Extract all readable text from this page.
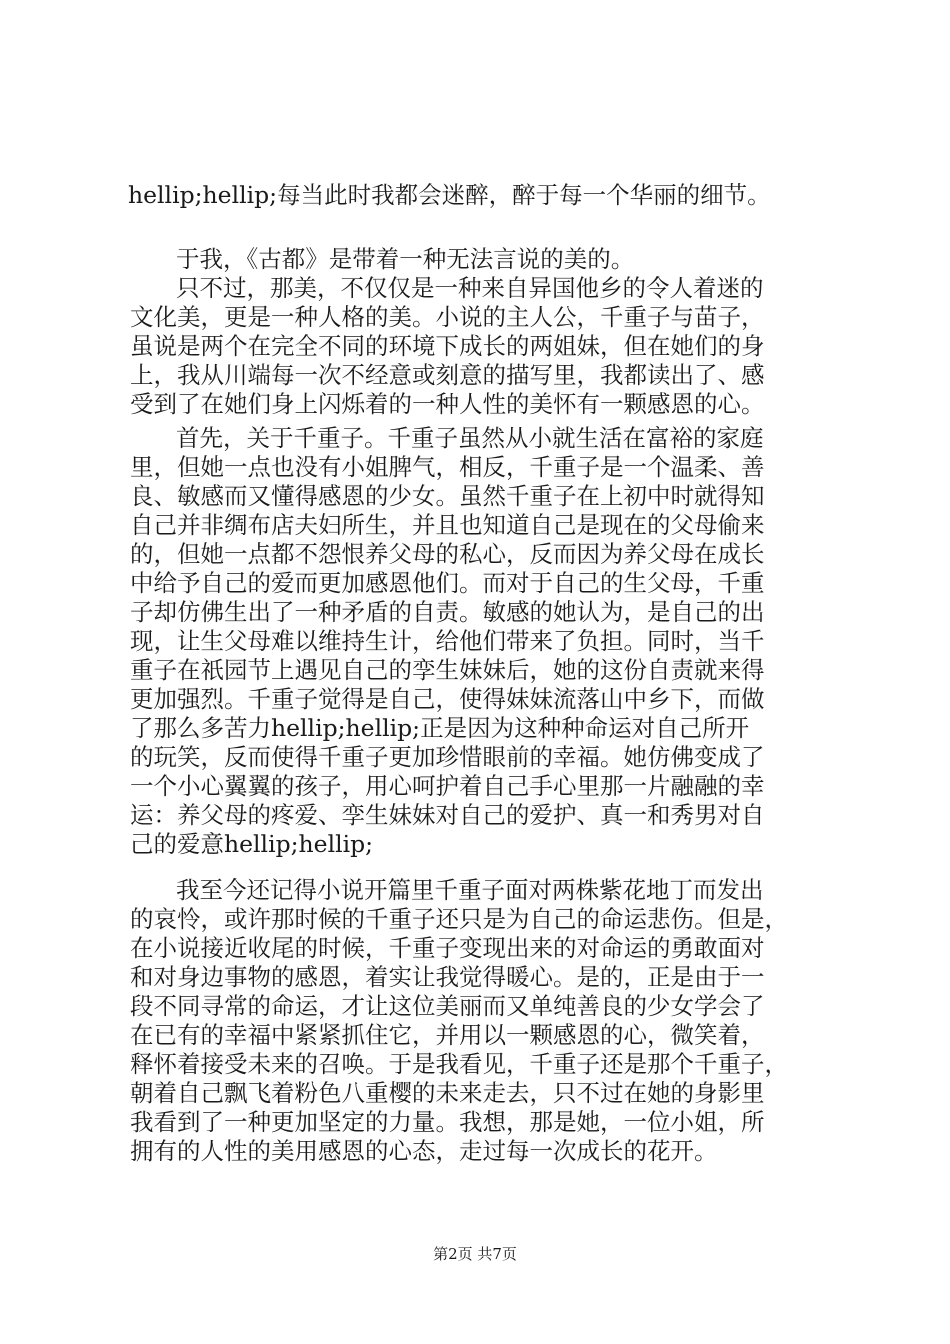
hellip;hellip;每当此时我都会迷醉，醉于每一个华丽的细节。

于我，《古都》是带着一种无法言说的美的。

只不过，那美，不仅仅是一种来自异国他乡的令人着迷的

文化美，更是一种人格的美。小说的主人公，千重子与苗子，

虽说是两个在完全不同的环境下成长的两姐妹，但在她们的身

上，我从川端每一次不经意或刻意的描写里，我都读出了、感

受到了在她们身上闪烁着的一种人性的美怀有一颗感恩的心。

首先，关于千重子。千重子虽然从小就生活在富裕的家庭

里，但她一点也没有小姐脾气，相反，千重子是一个温柔、善

良、敏感而又懂得感恩的少女。虽然千重子在上初中时就得知

自己并非绸布店夫妇所生，并且也知道自己是现在的父母偷来

的，但她一点都不怨恨养父母的私心，反而因为养父母在成长

中给予自己的爱而更加感恩他们。而对于自己的生父母，千重

子却仿佛生出了一种矛盾的自责。敏感的她认为，是自己的出

现，让生父母难以维持生计，给他们带来了负担。同时，当千

重子在祇园节上遇见自己的孪生妹妹后，她的这份自责就来得

更加强烈。千重子觉得是自己，使得妹妹流落山中乡下，而做

了那么多苦力hellip;hellip;正是因为这种种命运对自己所开

的玩笑，反而使得千重子更加珍惜眼前的幸福。她仿佛变成了

一个小心翼翼的孩子，用心呵护着自己手心里那一片融融的幸

运：养父母的疼爱、孪生妹妹对自己的爱护、真一和秀男对自

己的爱意hellip;hellip;

我至今还记得小说开篇里千重子面对两株紫花地丁而发出

的哀怜，或许那时候的千重子还只是为自己的命运悲伤。但是，

在小说接近收尾的时候，千重子变现出来的对命运的勇敢面对

和对身边事物的感恩，着实让我觉得暖心。是的，正是由于一

段不同寻常的命运，才让这位美丽而又单纯善良的少女学会了

在已有的幸福中紧紧抓住它，并用以一颗感恩的心，微笑着，

释怀着接受未来的召唤。于是我看见，千重子还是那个千重子，

朝着自己飘飞着粉色八重樱的未来走去，只不过在她的身影里

我看到了一种更加坚定的力量。我想，那是她，一位小姐，所

拥有的人性的美用感恩的心态，走过每一次成长的花开。

第2页 共7页
